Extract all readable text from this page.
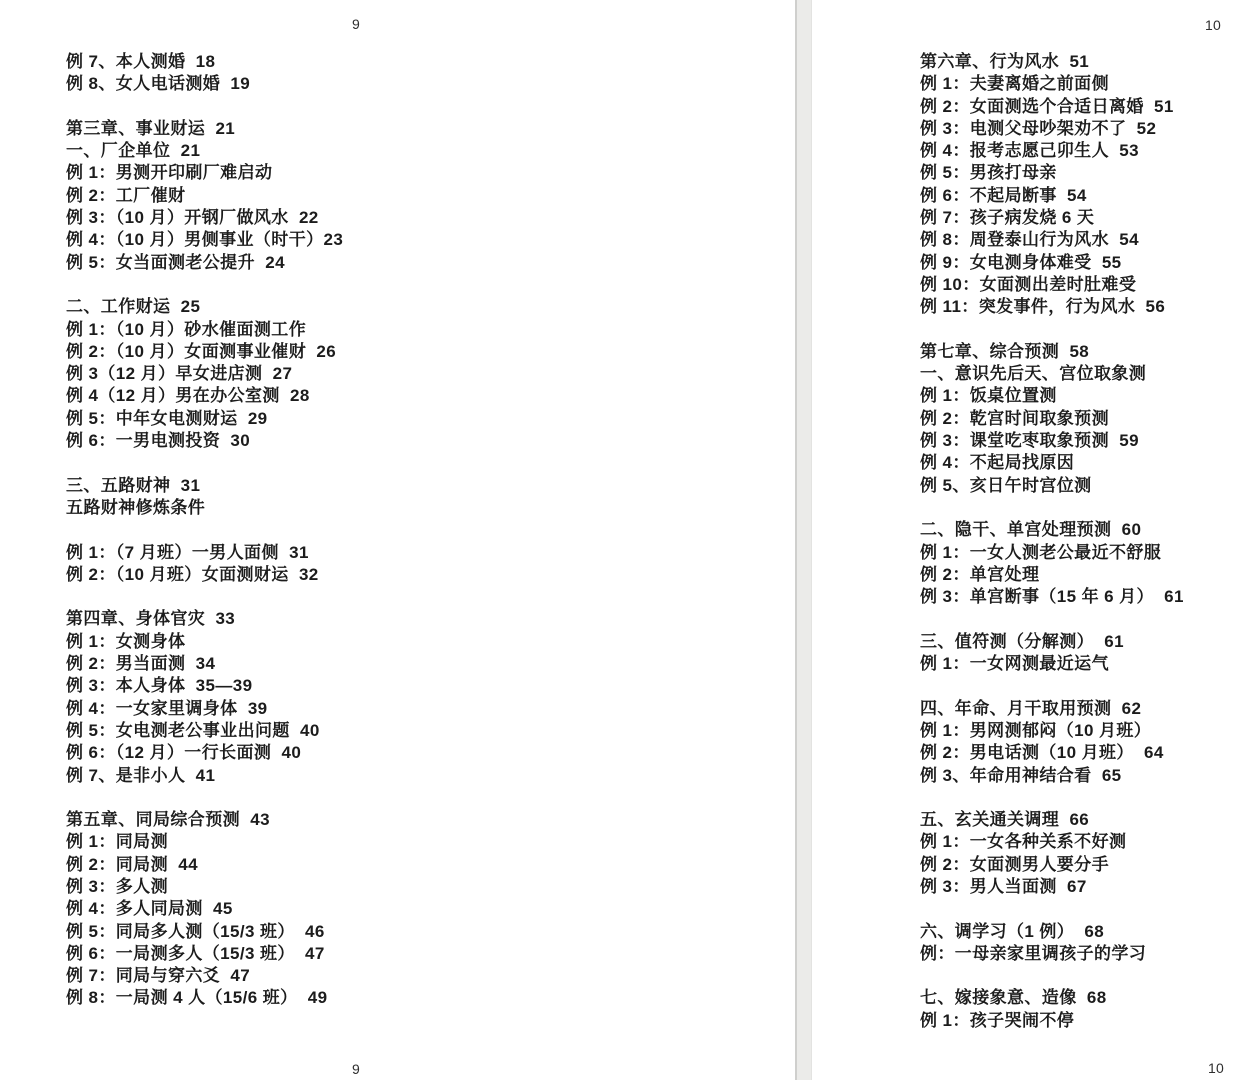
9
例 7、本人测婚  18
例 8、女人电话测婚  19
第三章、事业财运  21
一、厂企单位  21
例 1：男测开印刷厂难启动
例 2：工厂催财
例 3：（10 月）开钢厂做风水  22
例 4：（10 月）男侧事业（时干）23
例 5：女当面测老公提升  24
二、工作财运  25
例 1：（10 月）砂水催面测工作
例 2：（10 月）女面测事业催财  26
例 3（12 月）早女进店测  27
例 4（12 月）男在办公室测  28
例 5：中年女电测财运  29
例 6：一男电测投资  30
三、五路财神  31
五路财神修炼条件
例 1：（7 月班）一男人面侧  31
例 2：（10 月班）女面测财运  32
第四章、身体官灾  33
例 1：女测身体
例 2：男当面测  34
例 3：本人身体  35—39
例 4：一女家里调身体  39
例 5：女电测老公事业出问题  40
例 6：（12 月）一行长面测  40
例 7、是非小人  41
第五章、同局综合预测  43
例 1：同局测
例 2：同局测  44
例 3：多人测
例 4：多人同局测  45
例 5：同局多人测（15/3 班）  46
例 6：一局测多人（15/3 班）  47
例 7：同局与穿六爻  47
例 8：一局测 4 人（15/6 班）  49
9
10
第六章、行为风水  51
例 1：夫妻离婚之前面侧
例 2：女面测选个合适日离婚  51
例 3：电测父母吵架劝不了  52
例 4：报考志愿己卯生人  53
例 5：男孩打母亲
例 6：不起局断事  54
例 7：孩子病发烧 6 天
例 8：周登泰山行为风水  54
例 9：女电测身体难受  55
例 10：女面测出差时肚难受
例 11：突发事件，行为风水  56
第七章、综合预测  58
一、意识先后天、宫位取象测
例 1：饭桌位置测
例 2：乾宫时间取象预测
例 3：课堂吃枣取象预测  59
例 4：不起局找原因
例 5、亥日午时宫位测
二、隐干、单宫处理预测  60
例 1：一女人测老公最近不舒服
例 2：单宫处理
例 3：单宫断事（15 年 6 月）  61
三、值符测（分解测）  61
例 1：一女网测最近运气
四、年命、月干取用预测  62
例 1：男网测郁闷（10 月班）
例 2：男电话测（10 月班）  64
例 3、年命用神结合看  65
五、玄关通关调理  66
例 1：一女各种关系不好测
例 2：女面测男人要分手
例 3：男人当面测  67
六、调学习（1 例）  68
例：一母亲家里调孩子的学习
七、嫁接象意、造像  68
例 1：孩子哭闹不停
10
